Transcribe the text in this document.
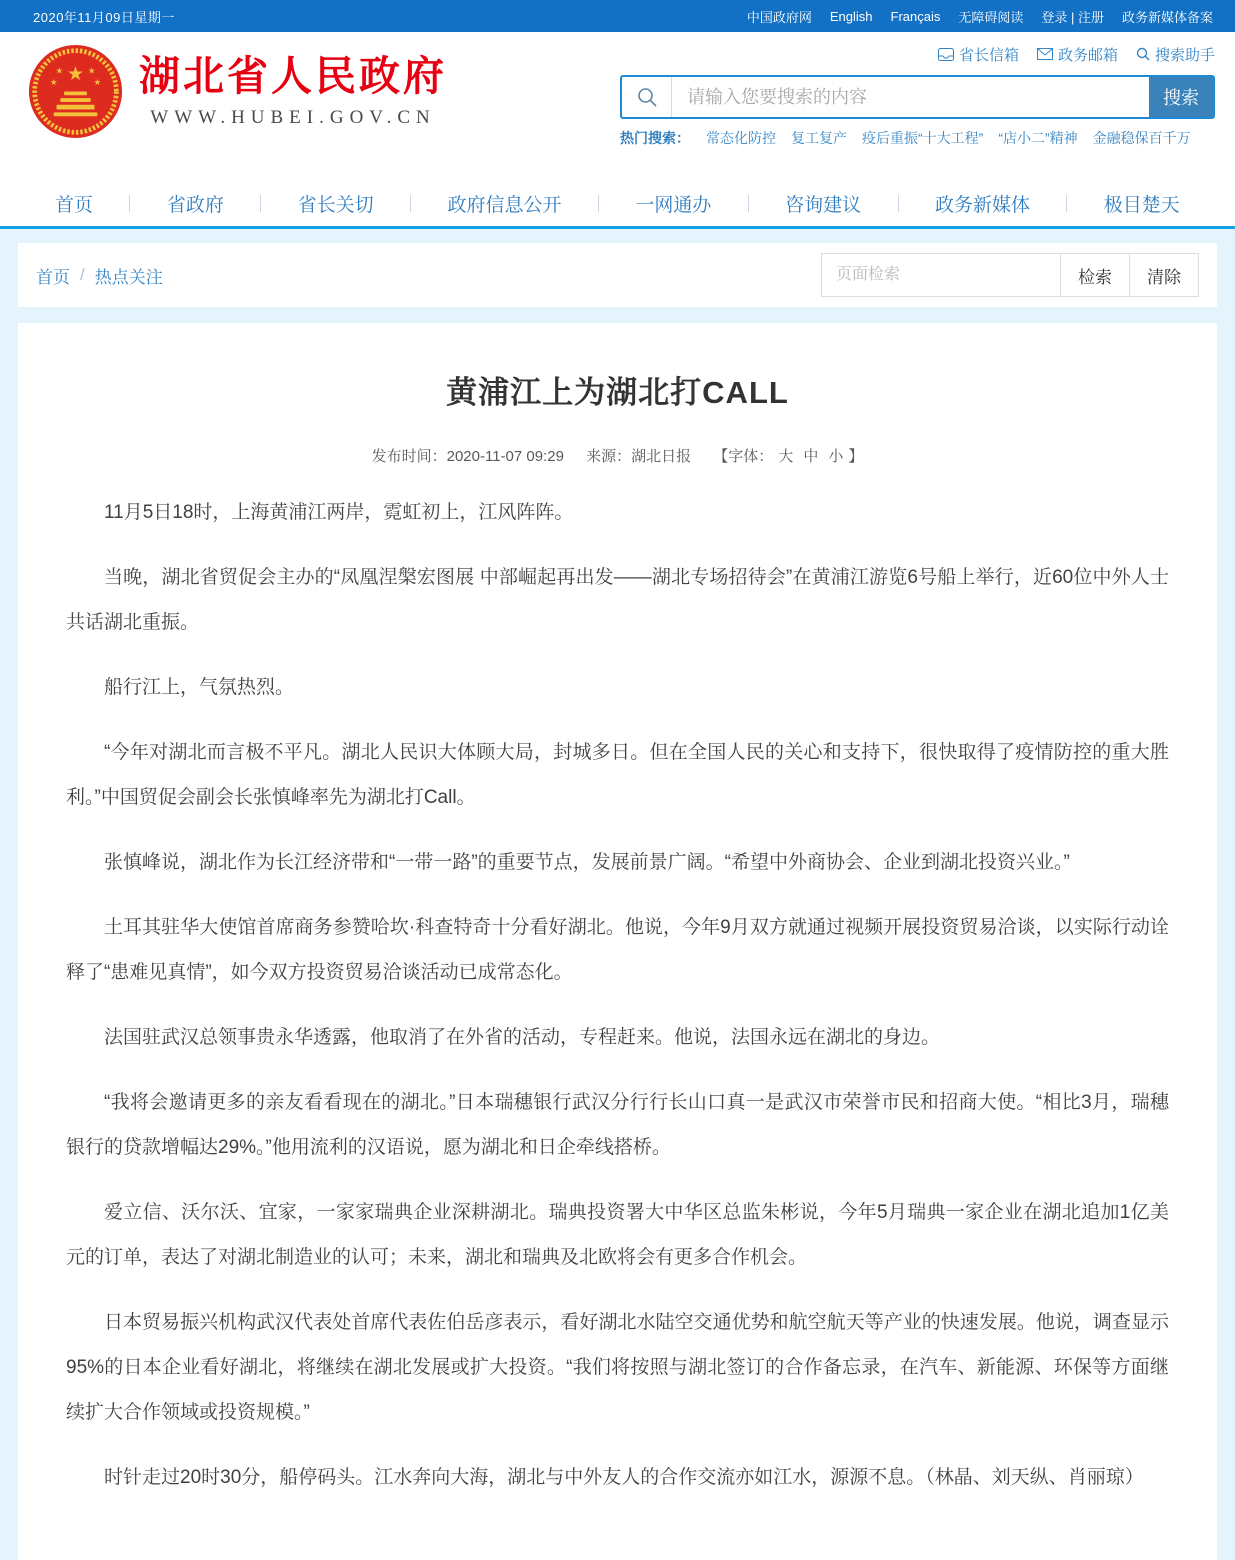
2020年11月09日星期一	中国政府网 English Français 无障碍阅读 登录 | 注册 政务新媒体备案
★
★	★
★	★ 湖北省人民政府
WWW.HUBEI.GOV.CN
省长信箱	政务邮箱 搜索助手
请输入您要搜索的内容
搜索
热门搜索： 常态化防控 复工复产 疫后重振“十大工程” “店小二”精神 金融稳保百千万
首页	省政府	省长关切	政府信息公开	一网通办	咨询建议	政务新媒体	极目楚天
首页 / 热点关注
页面检索	检索	清除
黄浦江上为湖北打CALL
发布时间：2020-11-07 09:29 来源：湖北日报 【字体： 大 中 小 】

11月5日18时，上海黄浦江两岸，霓虹初上，江风阵阵。

当晚，湖北省贸促会主办的“凤凰涅槃宏图展 中部崛起再出发——湖北专场招待会”在黄浦江游览6号船上举行，近60位中外人士共话湖北重振。

船行江上，气氛热烈。

“今年对湖北而言极不平凡。湖北人民识大体顾大局，封城多日。但在全国人民的关心和支持下，很快取得了疫情防控的重大胜利。”中国贸促会副会长张慎峰率先为湖北打Call。

张慎峰说，湖北作为长江经济带和“一带一路”的重要节点，发展前景广阔。“希望中外商协会、企业到湖北投资兴业。”

土耳其驻华大使馆首席商务参赞哈坎·科查特奇十分看好湖北。他说，今年9月双方就通过视频开展投资贸易洽谈，以实际行动诠释了“患难见真情”，如今双方投资贸易洽谈活动已成常态化。

法国驻武汉总领事贵永华透露，他取消了在外省的活动，专程赶来。他说，法国永远在湖北的身边。

“我将会邀请更多的亲友看看现在的湖北。”日本瑞穗银行武汉分行行长山口真一是武汉市荣誉市民和招商大使。“相比3月，瑞穗银行的贷款增幅达29%。”他用流利的汉语说，愿为湖北和日企牵线搭桥。

爱立信、沃尔沃、宜家，一家家瑞典企业深耕湖北。瑞典投资署大中华区总监朱彬说，今年5月瑞典一家企业在湖北追加1亿美元的订单，表达了对湖北制造业的认可；未来，湖北和瑞典及北欧将会有更多合作机会。

日本贸易振兴机构武汉代表处首席代表佐伯岳彦表示，看好湖北水陆空交通优势和航空航天等产业的快速发展。他说，调查显示95%的日本企业看好湖北，将继续在湖北发展或扩大投资。“我们将按照与湖北签订的合作备忘录，在汽车、新能源、环保等方面继续扩大合作领域或投资规模。”

时针走过20时30分，船停码头。江水奔向大海，湖北与中外友人的合作交流亦如江水，源源不息。（林晶、刘天纵、肖丽琼）
